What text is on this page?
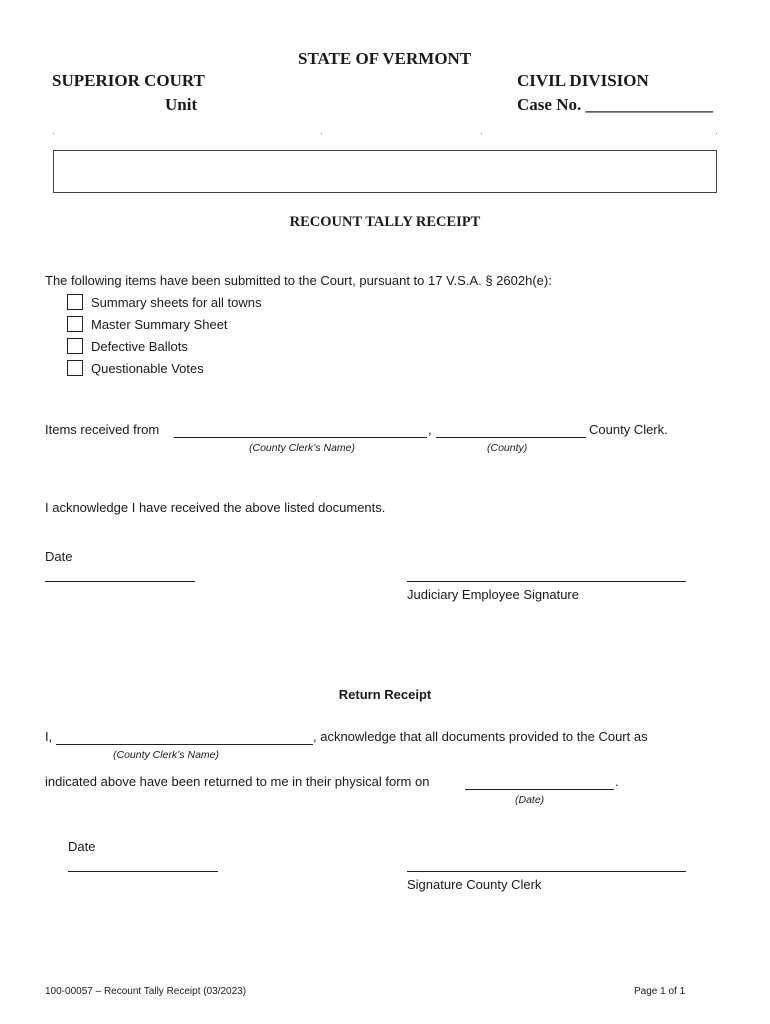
STATE OF VERMONT
SUPERIOR COURT
Unit
CIVIL DIVISION
Case No. _______________
RECOUNT TALLY RECEIPT
The following items have been submitted to the Court, pursuant to 17 V.S.A. § 2602h(e):
Summary sheets for all towns
Master Summary Sheet
Defective Ballots
Questionable Votes
Items received from	,	County Clerk.
(County Clerk’s Name)	(County)
I acknowledge I have received the above listed documents.
Date
Judiciary Employee Signature
Return Receipt
I,	, acknowledge that all documents provided to the Court as
(County Clerk’s Name)
indicated above have been returned to me in their physical form on	.
(Date)
Date
Signature County Clerk
100-00057 – Recount Tally Receipt (03/2023)	Page 1 of 1
